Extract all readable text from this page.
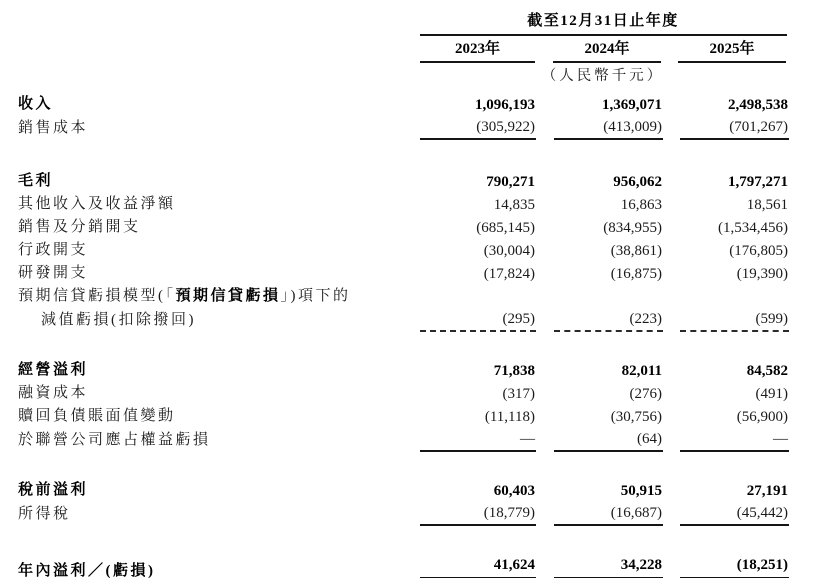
截至12月31日止年度
2023年	2024年	2025年
（人民幣千元）
收入	1,096,193	1,369,071	2,498,538
銷售成本	(305,922)	(413,009)	(701,267)
毛利	790,271	956,062	1,797,271
其他收入及收益淨額	14,835	16,863	18,561
銷售及分銷開支	(685,145)	(834,955)	(1,534,456)
行政開支	(30,004)	(38,861)	(176,805)
研發開支	(17,824)	(16,875)	(19,390)
預期信貸虧損模型(「預期信貸虧損」)項下的
減值虧損(扣除撥回)	(295)	(223)	(599)
經營溢利	71,838	82,011	84,582
融資成本	(317)	(276)	(491)
贖回負債賬面值變動	(11,118)	(30,756)	(56,900)
於聯營公司應占權益虧損	—	(64)	—
稅前溢利	60,403	50,915	27,191
所得稅	(18,779)	(16,687)	(45,442)
年內溢利／(虧損)	41,624	34,228	(18,251)
